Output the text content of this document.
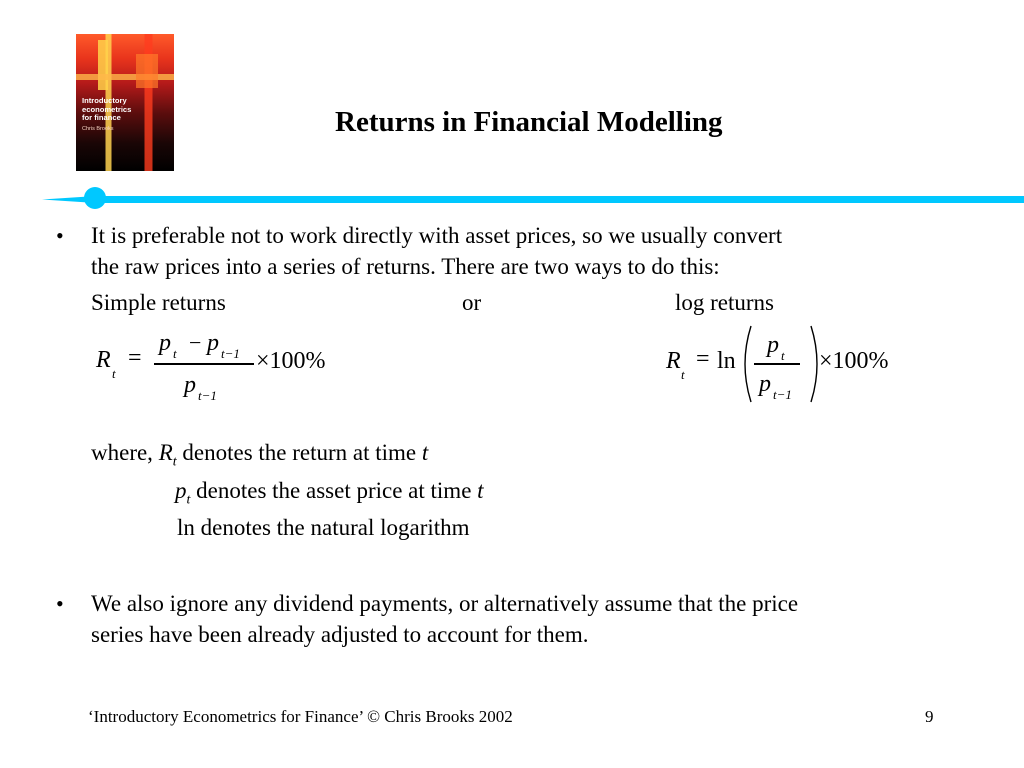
Introductory
econometrics
for finance
Chris Brooks	Returns in Financial Modelling
• It is preferable not to work directly with asset prices, so we usually convert
the raw prices into a series of returns. There are two ways to do this:
Simple returns	or	log returns
R
t
=
p t − p t−1
p t−1
×100%	R
t
= ln
p t
p t−1
×100%
where, $R_t$ denotes the return at time t
$p_t$ denotes the asset price at time t
ln denotes the natural logarithm
• We also ignore any dividend payments, or alternatively assume that the price
series have been already adjusted to account for them.
‘Introductory Econometrics for Finance’ © Chris Brooks 2002	9
